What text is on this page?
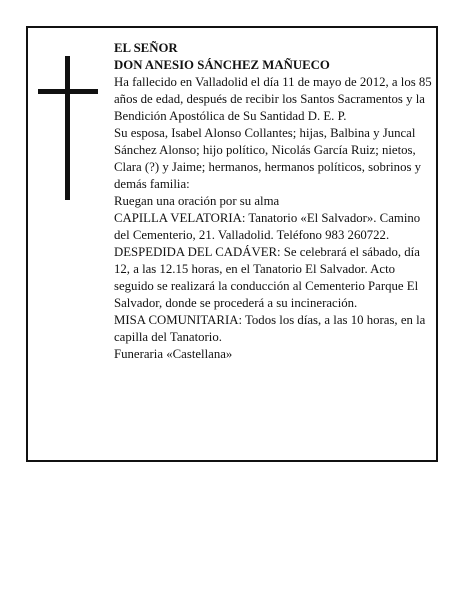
EL SEÑOR

DON ANESIO SÁNCHEZ MAÑUECO

Ha fallecido en Valladolid el día 11 de mayo de 2012, a los 85 años de edad, después de recibir los Santos Sacramentos y la Bendición Apostólica de Su Santidad D. E. P.

Su esposa, Isabel Alonso Collantes; hijas, Balbina y Juncal Sánchez Alonso; hijo político, Nicolás García Ruiz; nietos, Clara (?) y Jaime; hermanos, hermanos políticos, sobrinos y demás familia:

Ruegan una oración por su alma

CAPILLA VELATORIA: Tanatorio «El Salvador». Camino del Cementerio, 21. Valladolid. Teléfono 983 260722.

DESPEDIDA DEL CADÁVER: Se celebrará el sábado, día 12, a las 12.15 horas, en el Tanatorio El Salvador. Acto seguido se realizará la conducción al Cementerio Parque El Salvador, donde se procederá a su incineración.

MISA COMUNITARIA: Todos los días, a las 10 horas, en la capilla del Tanatorio.

Funeraria «Castellana»
